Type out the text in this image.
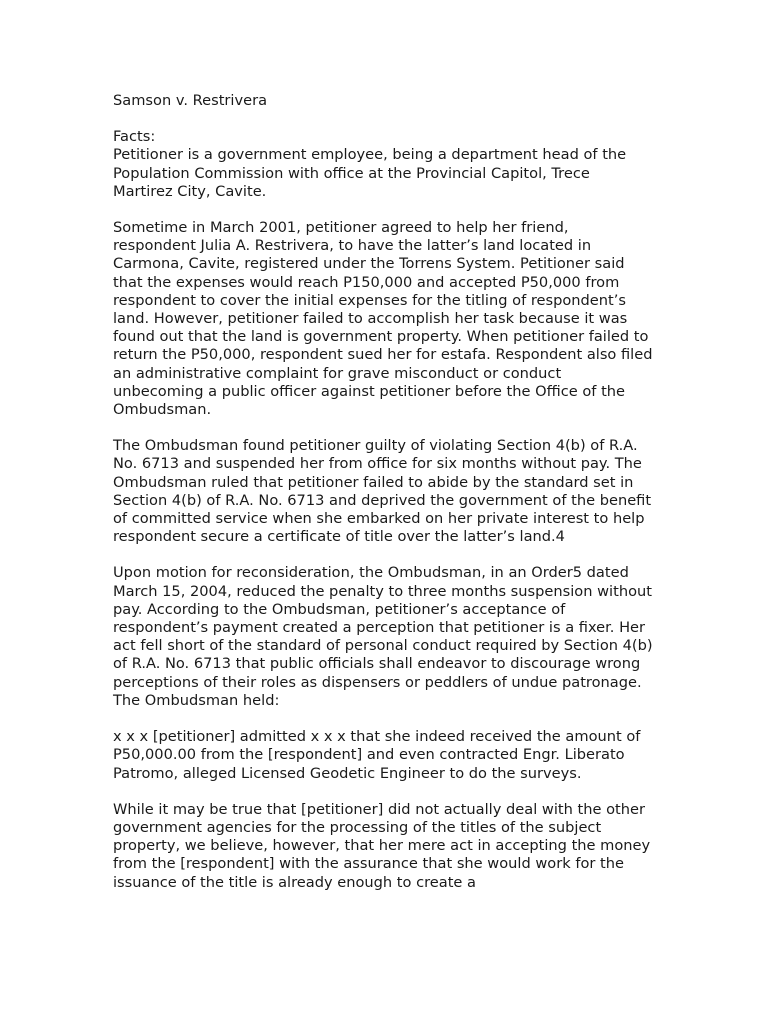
Samson v. Restrivera
Facts:
Petitioner is a government employee, being a department head of the Population Commission with office at the Provincial Capitol, Trece Martirez City, Cavite.
Sometime in March 2001, petitioner agreed to help her friend, respondent Julia A. Restrivera, to have the latter’s land located in Carmona, Cavite, registered under the Torrens System. Petitioner said that the expenses would reach P150,000 and accepted P50,000 from respondent to cover the initial expenses for the titling of respondent’s land. However, petitioner failed to accomplish her task because it was found out that the land is government property. When petitioner failed to return the P50,000, respondent sued her for estafa. Respondent also filed an administrative complaint for grave misconduct or conduct unbecoming a public officer against petitioner before the Office of the Ombudsman.
The Ombudsman found petitioner guilty of violating Section 4(b) of R.A. No. 6713 and suspended her from office for six months without pay. The Ombudsman ruled that petitioner failed to abide by the standard set in Section 4(b) of R.A. No. 6713 and deprived the government of the benefit of committed service when she embarked on her private interest to help respondent secure a certificate of title over the latter’s land.4
Upon motion for reconsideration, the Ombudsman, in an Order5 dated March 15, 2004, reduced the penalty to three months suspension without pay. According to the Ombudsman, petitioner’s acceptance of respondent’s payment created a perception that petitioner is a fixer. Her act fell short of the standard of personal conduct required by Section 4(b) of R.A. No. 6713 that public officials shall endeavor to discourage wrong perceptions of their roles as dispensers or peddlers of undue patronage. The Ombudsman held:
x x x [petitioner] admitted x x x that she indeed received the amount of P50,000.00 from the [respondent] and even contracted Engr. Liberato Patromo, alleged Licensed Geodetic Engineer to do the surveys.
While it may be true that [petitioner] did not actually deal with the other government agencies for the processing of the titles of the subject property, we believe, however, that her mere act in accepting the money from the [respondent] with the assurance that she would work for the issuance of the title is already enough to create a
